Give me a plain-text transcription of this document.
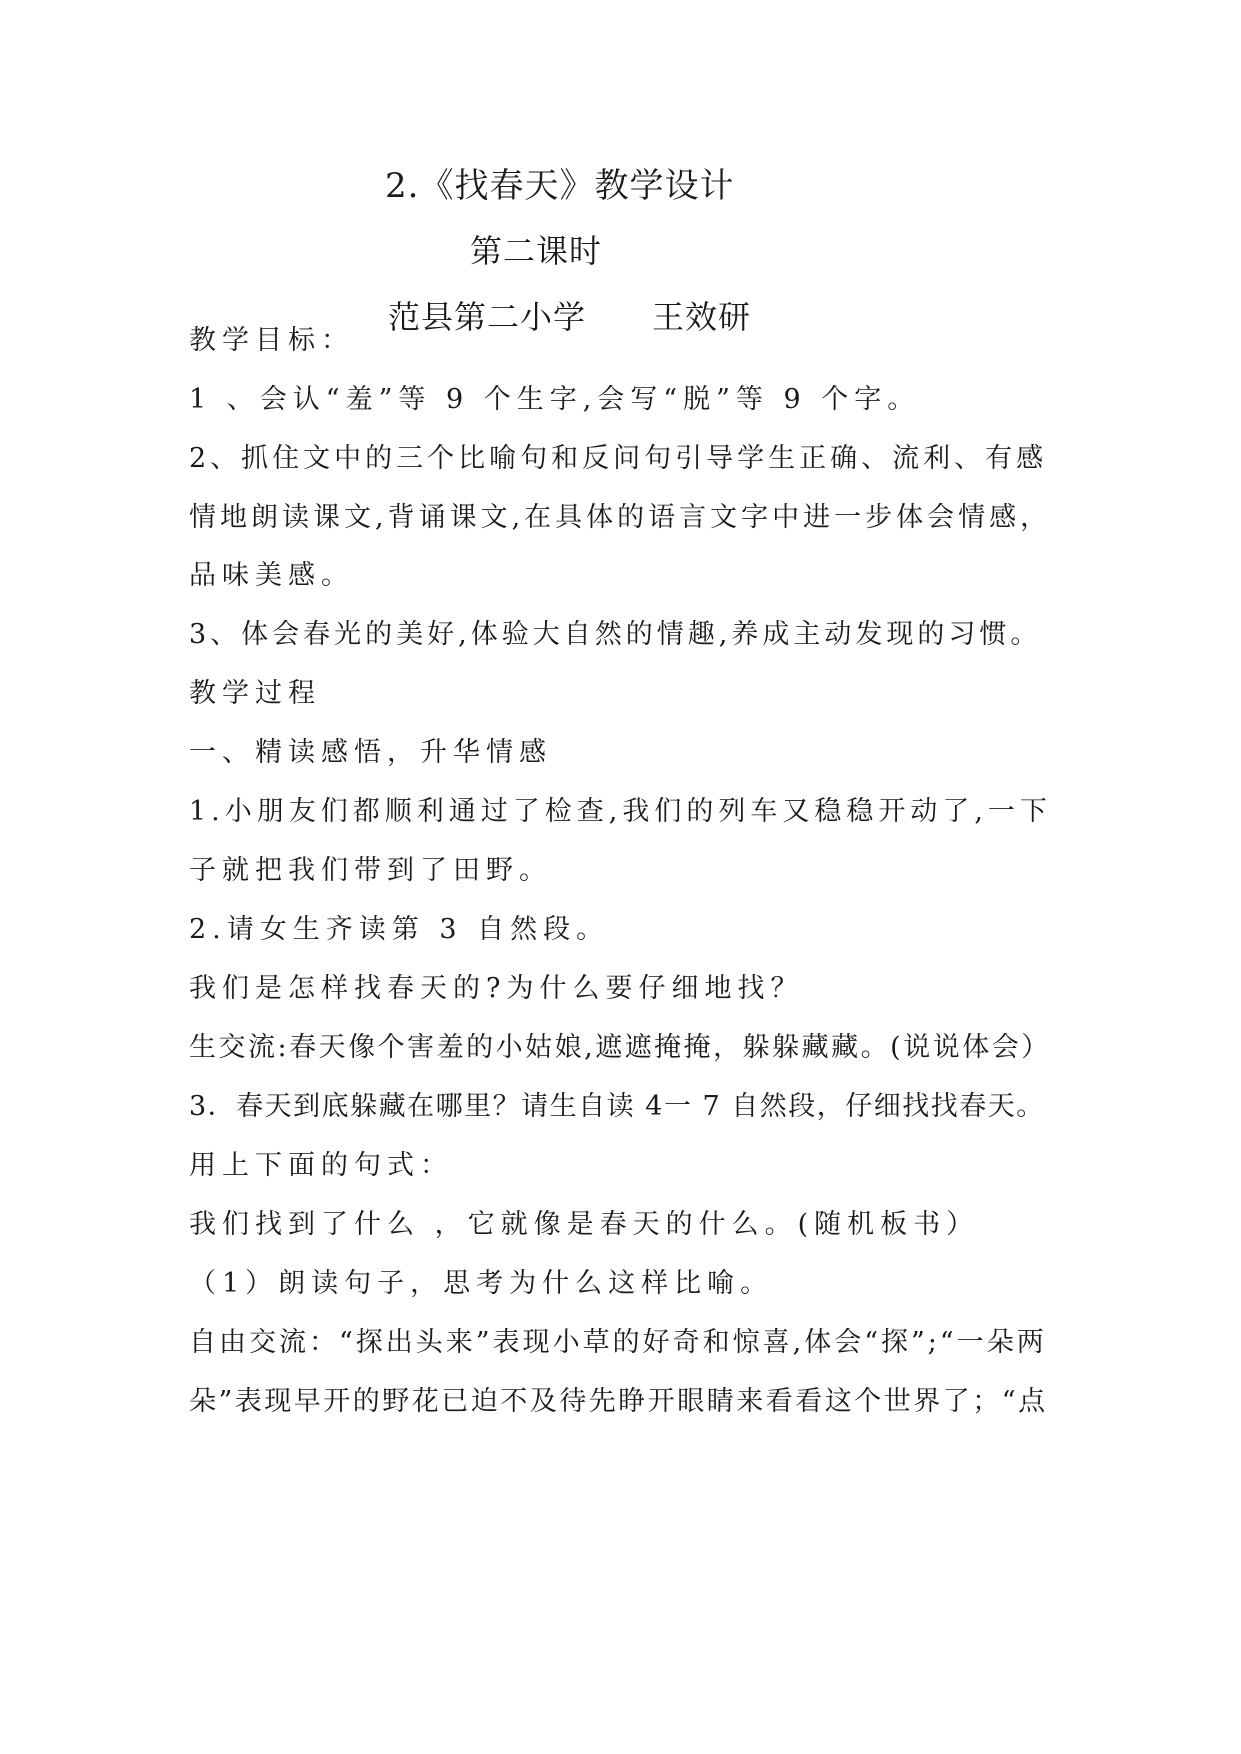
2.《找春天》教学设计
第二课时
范县第二小学 王效研
教学目标：
1 、会认“羞”等 9 个生字,会写“脱”等 9 个字。
2、抓住文中的三个比喻句和反问句引导学生正确、流利、有感
情地朗读课文,背诵课文,在具体的语言文字中进一步体会情感，
品味美感。
3、体会春光的美好,体验大自然的情趣,养成主动发现的习惯。
教学过程
一、精读感悟，升华情感
1.小朋友们都顺利通过了检查,我们的列车又稳稳开动了,一下
子就把我们带到了田野。
2.请女生齐读第 3 自然段。
我们是怎样找春天的?为什么要仔细地找？
生交流:春天像个害羞的小姑娘,遮遮掩掩，躲躲藏藏。(说说体会）
3．春天到底躲藏在哪里？请生自读 4一 7 自然段，仔细找找春天。
用上下面的句式：
我们找到了什么 ，它就像是春天的什么。(随机板书）
（1）朗读句子，思考为什么这样比喻。
自由交流：“探出头来”表现小草的好奇和惊喜,体会“探”;“一朵两
朵”表现早开的野花已迫不及待先睁开眼睛来看看这个世界了；“点
